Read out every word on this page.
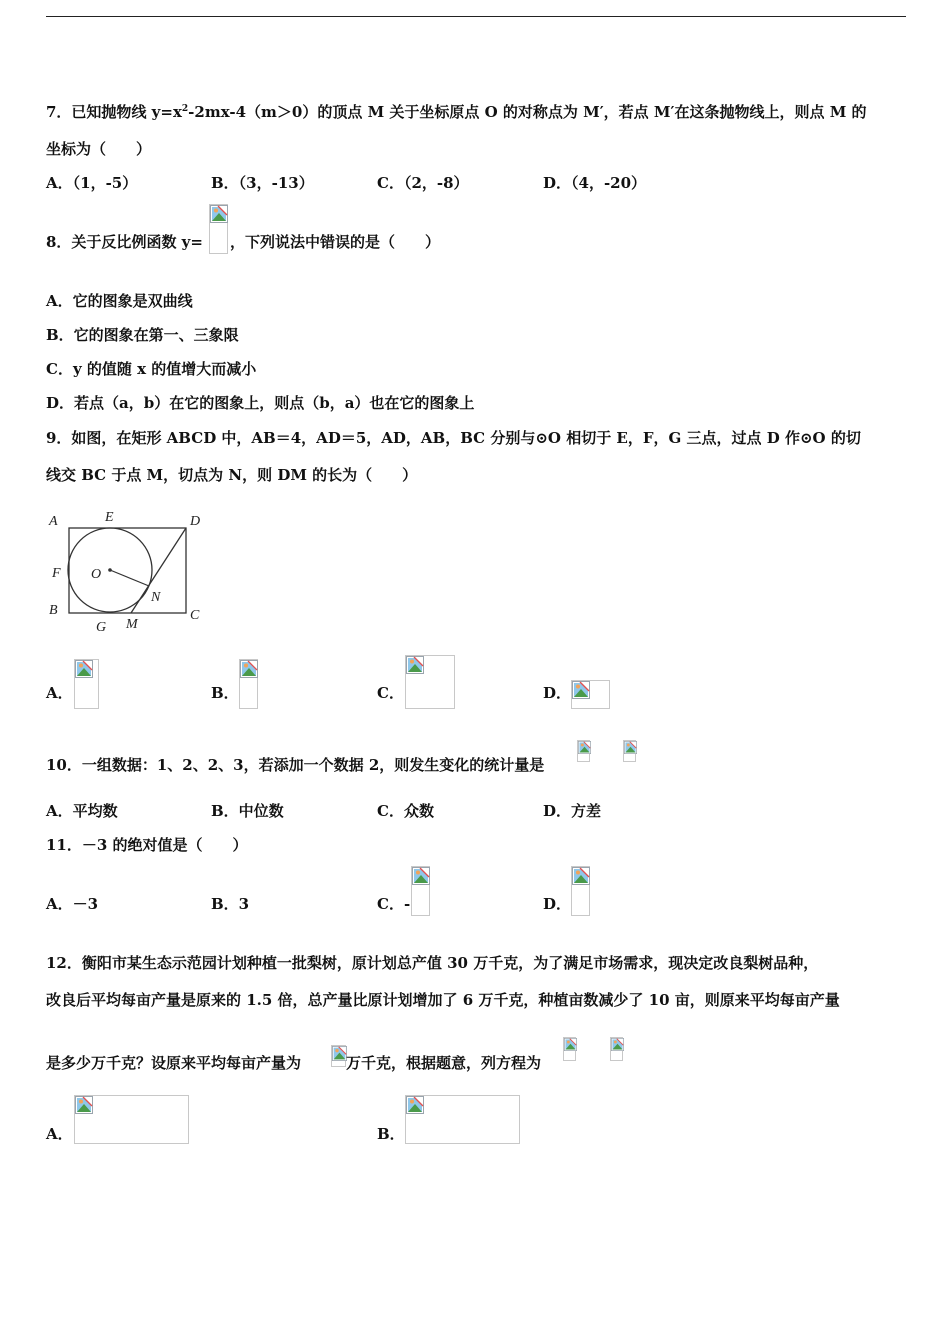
7．已知抛物线 $y=x^2-2mx-4(m>0)$的顶点 M 关于坐标原点 O 的对称点为 M′，若点 M′在这条抛物线上，则点 M 的
坐标为（　　）
A．（1，-5）	B．（3，-13）	C．（2，-8）	D．（4，-20）
8．关于反比例函数 y= ，下列说法中错误的是（　　）
A．它的图象是双曲线
B．它的图象在第一、三象限
C．y 的值随 x 的值增大而减小
D．若点（a，b）在它的图象上，则点（b，a）也在它的图象上
9．如图，在矩形 ABCD 中，AB＝4，AD＝5，AD，AB，BC 分别与⊙O 相切于 E，F，G 三点，过点 D 作⊙O 的切
线交 BC 于点 M，切点为 N，则 DM 的长为（　　）
A	E	D
F O
N
B	C
G M
A．	B．	C．	D．
10．一组数据：1、2、2、3，若添加一个数据 2，则发生变化的统计量是
A．平均数	B．中位数	C．众数	D．方差
11．－3 的绝对值是（　　）
A．－3	B．3	C．-	D．
12．衡阳市某生态示范园计划种植一批梨树，原计划总产值 30 万千克，为了满足市场需求，现决定改良梨树品种，
改良后平均每亩产量是原来的 1.5 倍，总产量比原计划增加了 6 万千克，种植亩数减少了 10 亩，则原来平均每亩产量
是多少万千克？设原来平均每亩产量为	万千克，根据题意，列方程为
A．	B．
